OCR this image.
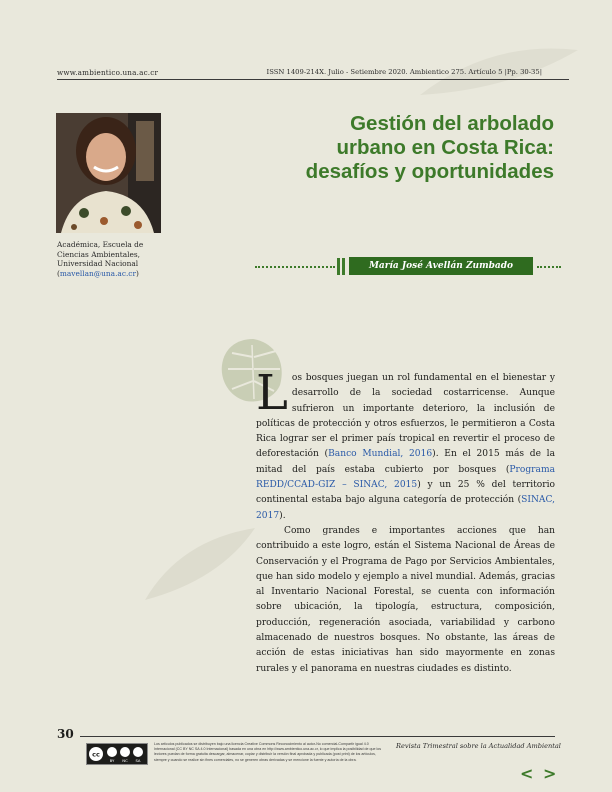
www.ambientico.una.ac.cr	ISSN 1409-214X. Julio - Setiembre 2020. Ambientico 275. Artículo 5 |Pp. 30-35|
Académica, Escuela de
Ciencias Ambientales,
Universidad Nacional
(mavellan@una.ac.cr)
Gestión del arbolado
urbano en Costa Rica:
desafíos y oportunidades
María José Avellán Zumbado

Los bosques juegan un rol fundamental en el bienestar y desarrollo de la sociedad costarricense. Aunque sufrieron un importante deterioro, la inclusión de políticas de protección y otros esfuerzos, le permitieron a Costa Rica lograr ser el primer país tropical en revertir el proceso de deforestación (Banco Mundial, 2016). En el 2015 más de la mitad del país estaba cubierto por bosques (Programa REDD/CCAD-GIZ – SINAC, 2015) y un 25 % del territorio continental estaba bajo alguna categoría de protección (SINAC, 2017).

Como grandes e importantes acciones que han contribuido a este logro, están el Sistema Nacional de Áreas de Conservación y el Programa de Pago por Servicios Ambientales, que han sido modelo y ejemplo a nivel mundial. Además, gracias al Inventario Nacional Forestal, se cuenta con información sobre ubicación, la tipología, estructura, composición, producción, regeneración asociada, variabilidad y carbono almacenado de nuestros bosques. No obstante, las áreas de acción de estas iniciativas han sido mayormente en zonas rurales y el panorama en nuestras ciudades es distinto.

30
cc
BY NC SA
Los artículos publicados se distribuyen bajo una licencia Creative Commons Reconocimiento al autor-No comercial-Compartir igual 4.0 Internacional (CC BY NC SA 4.0 Internacional) basada en una obra en http://www.ambientico.una.ac.cr, lo que implica la posibilidad de que los lectores puedan de forma gratuita descargar, almacenar, copiar y distribuir la versión final aprobada y publicada (post print) de los artículos, siempre y cuando se realice sin fines comerciales, no se generen obras derivadas y se mencione la fuente y autoría de la obra.
Revista Trimestral sobre la Actualidad Ambiental
< >
